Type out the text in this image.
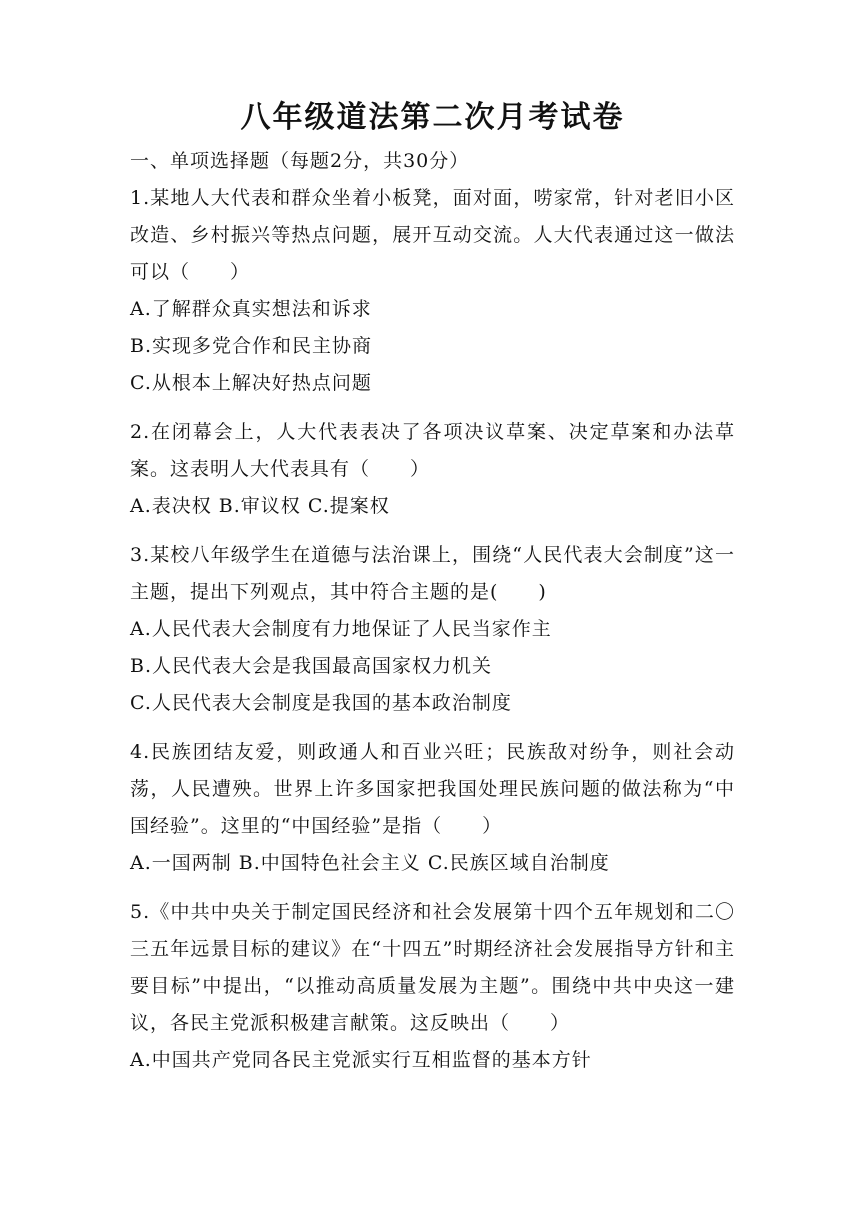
八年级道法第二次月考试卷

一、单项选择题（每题2分，共30分）

1.某地人大代表和群众坐着小板凳，面对面，唠家常，针对老旧小区改造、乡村振兴等热点问题，展开互动交流。人大代表通过这一做法可以（　　）

A.了解群众真实想法和诉求

B.实现多党合作和民主协商

C.从根本上解决好热点问题

2.在闭幕会上，人大代表表决了各项决议草案、决定草案和办法草案。这表明人大代表具有（　　）

A.表决权 B.审议权 C.提案权

3.某校八年级学生在道德与法治课上，围绕“人民代表大会制度”这一主题，提出下列观点，其中符合主题的是(　　)

A.人民代表大会制度有力地保证了人民当家作主

B.人民代表大会是我国最高国家权力机关

C.人民代表大会制度是我国的基本政治制度

4.民族团结友爱，则政通人和百业兴旺；民族敌对纷争，则社会动荡，人民遭殃。世界上许多国家把我国处理民族问题的做法称为“中国经验”。这里的“中国经验”是指（　　）

A.一国两制 B.中国特色社会主义 C.民族区域自治制度

5.《中共中央关于制定国民经济和社会发展第十四个五年规划和二〇三五年远景目标的建议》在“十四五”时期经济社会发展指导方针和主要目标”中提出，“以推动高质量发展为主题”。围绕中共中央这一建议，各民主党派积极建言献策。这反映出（　　）

A.中国共产党同各民主党派实行互相监督的基本方针
